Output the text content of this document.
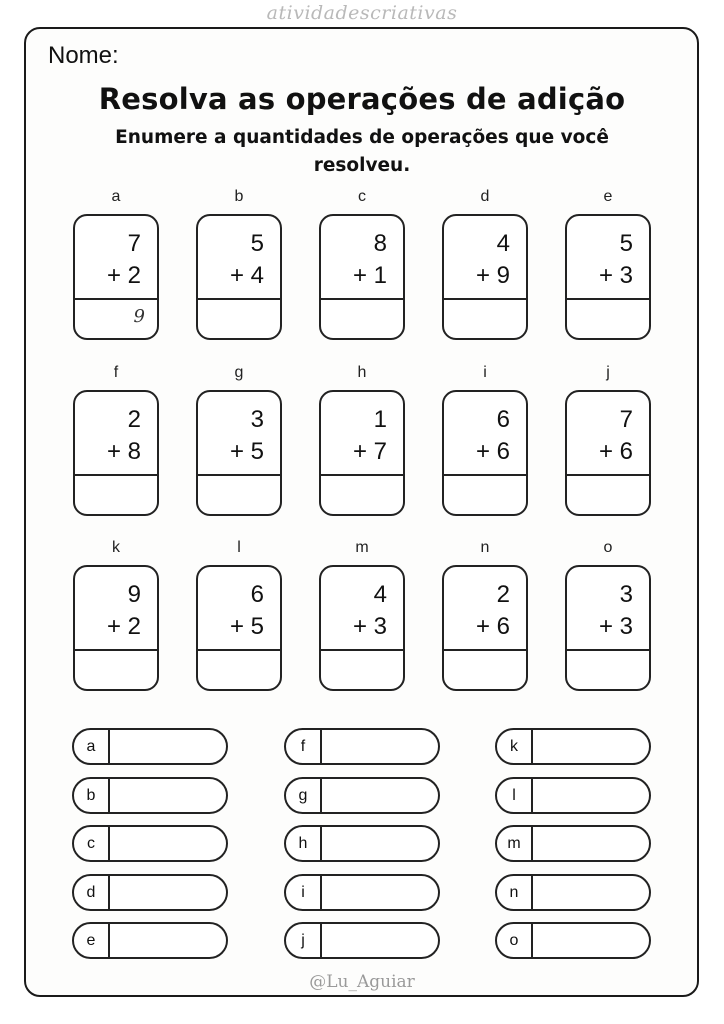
atividadescriativas
Nome:
Resolva as operações de adição
Enumere a quantidades de operações que você resolveu.
a
7
+ 2
9
b
5
+ 4
c
8
+ 1
d
4
+ 9
e
5
+ 3
f
2
+ 8
g
3
+ 5
h
1
+ 7
i
6
+ 6
j
7
+ 6
k
9
+ 2
l
6
+ 5
m
4
+ 3
n
2
+ 6
o
3
+ 3
a
b
c
d
e
f
g
h
i
j
k
l
m
n
o
@Lu_Aguiar
